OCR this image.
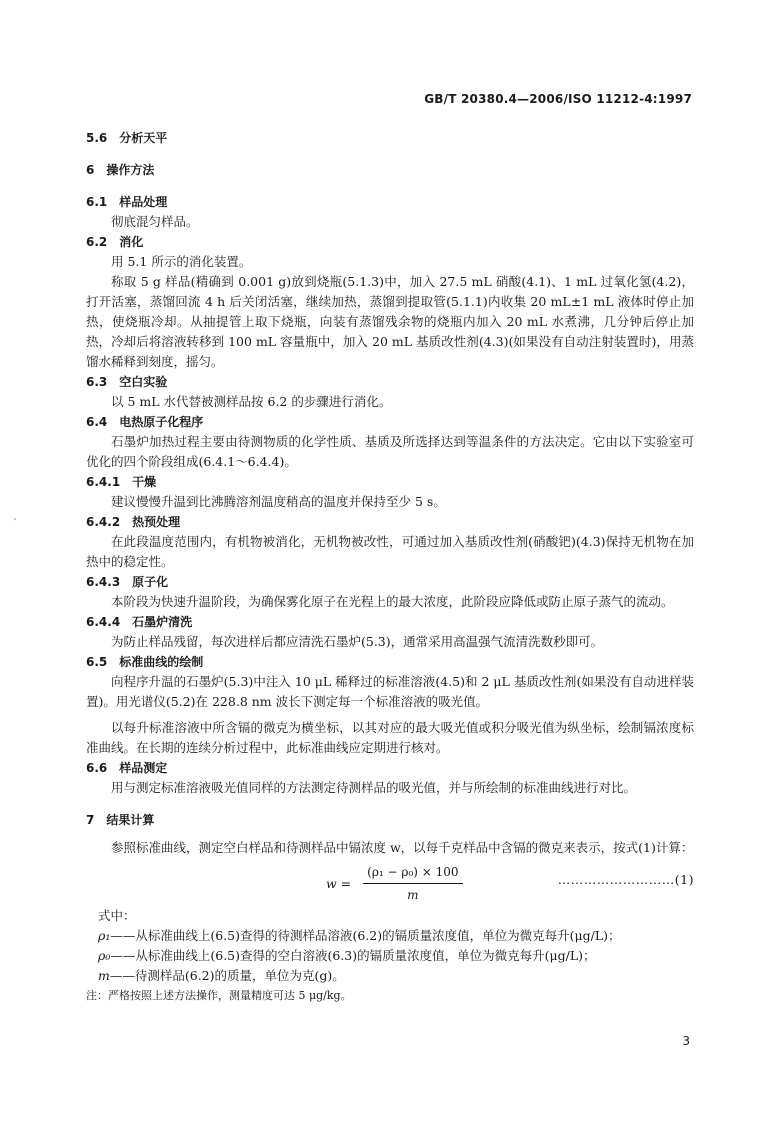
GB/T 20380.4—2006/ISO 11212-4:1997
5.6 分析天平
6 操作方法
6.1 样品处理

彻底混匀样品。

6.2 消化

用 5.1 所示的消化装置。

称取 5 g 样品(精确到 0.001 g)放到烧瓶(5.1.3)中，加入 27.5 mL 硝酸(4.1)、1 mL 过氧化氢(4.2)，打开活塞，蒸馏回流 4 h 后关闭活塞，继续加热，蒸馏到提取管(5.1.1)内收集 20 mL±1 mL 液体时停止加热，使烧瓶冷却。从抽提管上取下烧瓶，向装有蒸馏残余物的烧瓶内加入 20 mL 水煮沸，几分钟后停止加热，冷却后将溶液转移到 100 mL 容量瓶中，加入 20 mL 基质改性剂(4.3)(如果没有自动注射装置时)，用蒸馏水稀释到刻度，摇匀。

6.3 空白实验

以 5 mL 水代替被测样品按 6.2 的步骤进行消化。

6.4 电热原子化程序

石墨炉加热过程主要由待测物质的化学性质、基质及所选择达到等温条件的方法决定。它由以下实验室可优化的四个阶段组成(6.4.1～6.4.4)。

6.4.1 干燥

建议慢慢升温到比沸腾溶剂温度稍高的温度并保持至少 5 s。

6.4.2 热预处理

在此段温度范围内，有机物被消化，无机物被改性，可通过加入基质改性剂(硝酸钯)(4.3)保持无机物在加热中的稳定性。

6.4.3 原子化

本阶段为快速升温阶段，为确保雾化原子在光程上的最大浓度，此阶段应降低或防止原子蒸气的流动。

6.4.4 石墨炉清洗

为防止样品残留，每次进样后都应清洗石墨炉(5.3)，通常采用高温强气流清洗数秒即可。

6.5 标准曲线的绘制

向程序升温的石墨炉(5.3)中注入 10 μL 稀释过的标准溶液(4.5)和 2 μL 基质改性剂(如果没有自动进样装置)。用光谱仪(5.2)在 228.8 nm 波长下测定每一个标准溶液的吸光值。

以每升标准溶液中所含镉的微克为横坐标，以其对应的最大吸光值或积分吸光值为纵坐标，绘制镉浓度标准曲线。在长期的连续分析过程中，此标准曲线应定期进行核对。

6.6 样品测定

用与测定标准溶液吸光值同样的方法测定待测样品的吸光值，并与所绘制的标准曲线进行对比。

7 结果计算

参照标准曲线，测定空白样品和待测样品中镉浓度 w，以每千克样品中含镉的微克来表示，按式(1)计算：

$w = \frac{\text{(ρ₁ − ρ₀) × 100}}{m}$	………………………(1)
式中：
ρ₁——从标准曲线上(6.5)查得的待测样品溶液(6.2)的镉质量浓度值，单位为微克每升(μg/L)；
ρ₀——从标准曲线上(6.5)查得的空白溶液(6.3)的镉质量浓度值，单位为微克每升(μg/L)；
m——待测样品(6.2)的质量，单位为克(g)。
注：严格按照上述方法操作，测量精度可达 5 μg/kg。
′
3
